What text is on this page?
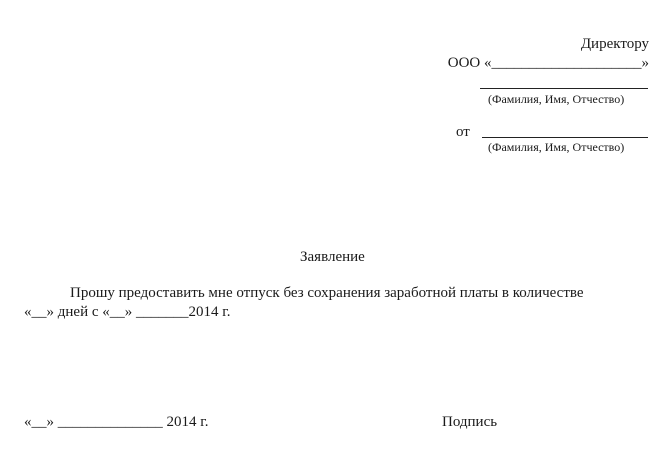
Директору
ООО «____________________»
(Фамилия, Имя, Отчество)
от
(Фамилия, Имя, Отчество)
Заявление
Прошу предоставить мне отпуск без сохранения заработной платы в количестве
«__» дней с «__» _______2014 г.
«__» ______________ 2014 г.	Подпись
